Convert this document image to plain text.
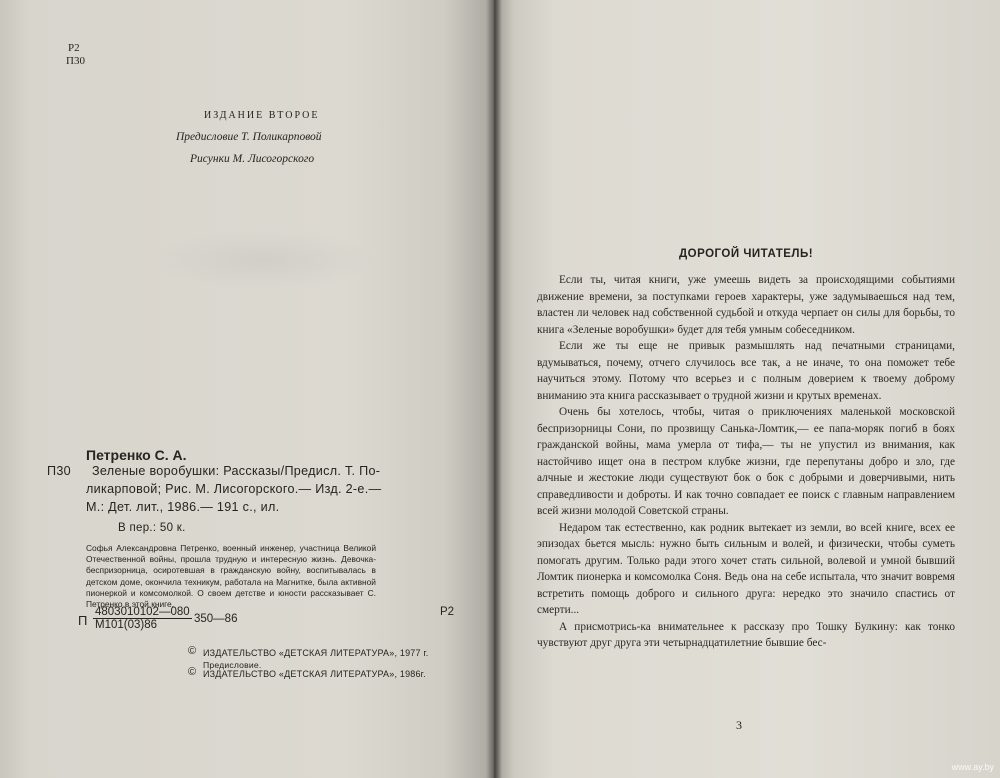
Р2
П30
ИЗДАНИЕ ВТОРОЕ
Предисловие Т. Поликарповой
Рисунки М. Лисогорского
Петренко С. А.
П30 Зеленые воробушки: Рассказы/Предисл. Т. По-
ликарповой; Рис. М. Лисогорского.— Изд. 2-е.—
М.: Дет. лит., 1986.— 191 с., ил.
В пер.: 50 к.
Софья Александровна Петренко, военный инженер, участница Великой Отечественной войны, прошла трудную и интересную жизнь. Девочка-беспризорница, осиротевшая в гражданскую войну, воспитывалась в детском доме, окончила техникум, работала на Магнитке, была активной пионеркой и комсомолкой. О своем детстве и юности рассказывает С. Петренко в этой книге.
П
4803010102—080
М101(03)86	350—86
Р2
© ИЗДАТЕЛЬСТВО «ДЕТСКАЯ ЛИТЕРАТУРА», 1977 г.
Предисловие.
© ИЗДАТЕЛЬСТВО «ДЕТСКАЯ ЛИТЕРАТУРА», 1986г.
ДОРОГОЙ ЧИТАТЕЛЬ!

Если ты, читая книги, уже умеешь видеть за происходящими событиями движение времени, за поступками героев характеры, уже задумываешься над тем, властен ли человек над собственной судьбой и откуда черпает он силы для борьбы, то книга «Зеленые воробушки» будет для тебя умным собеседником.

Если же ты еще не привык размышлять над печатными страницами, вдумываться, почему, отчего случилось все так, а не иначе, то она поможет тебе научиться этому. Потому что всерьез и с полным доверием к твоему доброму вниманию эта книга рассказывает о трудной жизни и крутых временах.

Очень бы хотелось, чтобы, читая о приключениях маленькой московской беспризорницы Сони, по прозвищу Санька-Ломтик,— ее папа-моряк погиб в боях гражданской войны, мама умерла от тифа,— ты не упустил из внимания, как настойчиво ищет она в пестром клубке жизни, где перепутаны добро и зло, где алчные и жестокие люди существуют бок о бок с добрыми и доверчивыми, нить справедливости и доброты. И как точно совпадает ее поиск с главным направлением всей жизни молодой Советской страны.

Недаром так естественно, как родник вытекает из земли, во всей книге, всех ее эпизодах бьется мысль: нужно быть сильным и волей, и физически, чтобы суметь помогать другим. Только ради этого хочет стать сильной, волевой и умной бывший Ломтик пионерка и комсомолка Соня. Ведь она на себе испытала, что значит вовремя встретить помощь доброго и сильного друга: нередко это значило спастись от смерти...

А присмотрись-ка внимательнее к рассказу про Тошку Булкину: как тонко чувствуют друг друга эти четырнадцатилетние бывшие бес-

3
www.ay.by
